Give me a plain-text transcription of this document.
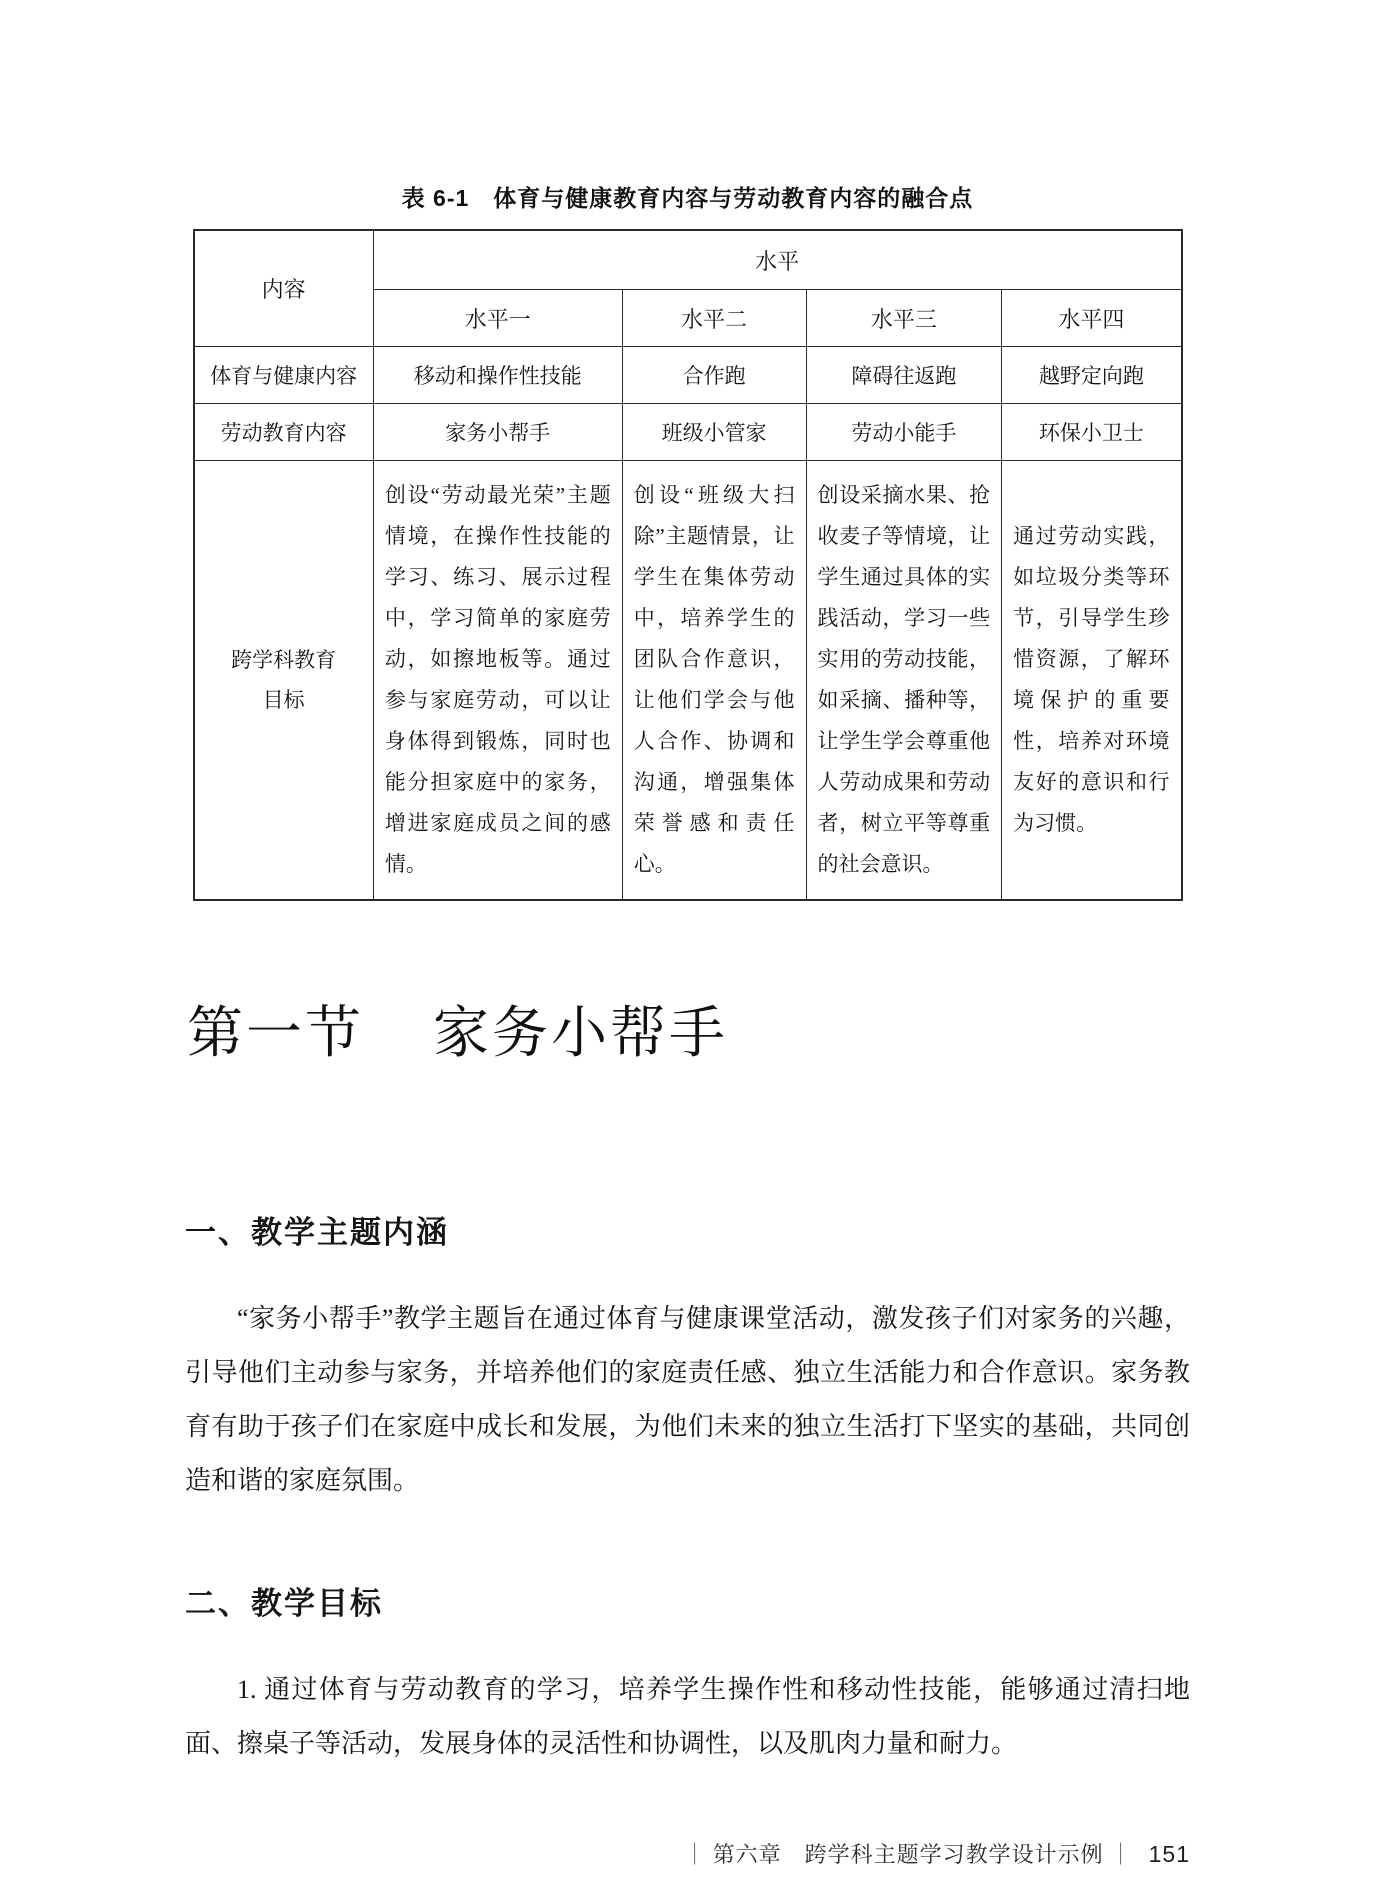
表 6-1　体育与健康教育内容与劳动教育内容的融合点
内容	水平			
	水平一	水平二	水平三	水平四
体育与健康内容	移动和操作性技能	合作跑	障碍往返跑	越野定向跑
劳动教育内容	家务小帮手	班级小管家	劳动小能手	环保小卫士
跨学科教育目标	创设“劳动最光荣”主题情境，在操作性技能的学习、练习、展示过程中，学习简单的家庭劳动，如擦地板等。通过参与家庭劳动，可以让身体得到锻炼，同时也能分担家庭中的家务，增进家庭成员之间的感情。	创设“班级大扫除”主题情景，让学生在集体劳动中，培养学生的团队合作意识，让他们学会与他人合作、协调和沟通，增强集体荣誉感和责任心。	创设采摘水果、抢收麦子等情境，让学生通过具体的实践活动，学习一些实用的劳动技能，如采摘、播种等，让学生学会尊重他人劳动成果和劳动者，树立平等尊重的社会意识。	通过劳动实践，如垃圾分类等环节，引导学生珍惜资源，了解环境保护的重要性，培养对环境友好的意识和行为习惯。
第一节 家务小帮手
一、教学主题内涵

“家务小帮手”教学主题旨在通过体育与健康课堂活动，激发孩子们对家务的兴趣，引导他们主动参与家务，并培养他们的家庭责任感、独立生活能力和合作意识。家务教育有助于孩子们在家庭中成长和发展，为他们未来的独立生活打下坚实的基础，共同创造和谐的家庭氛围。

二、教学目标

1. 通过体育与劳动教育的学习，培养学生操作性和移动性技能，能够通过清扫地面、擦桌子等活动，发展身体的灵活性和协调性，以及肌肉力量和耐力。

｜ 第六章　跨学科主题学习教学设计示例 ｜ 151
